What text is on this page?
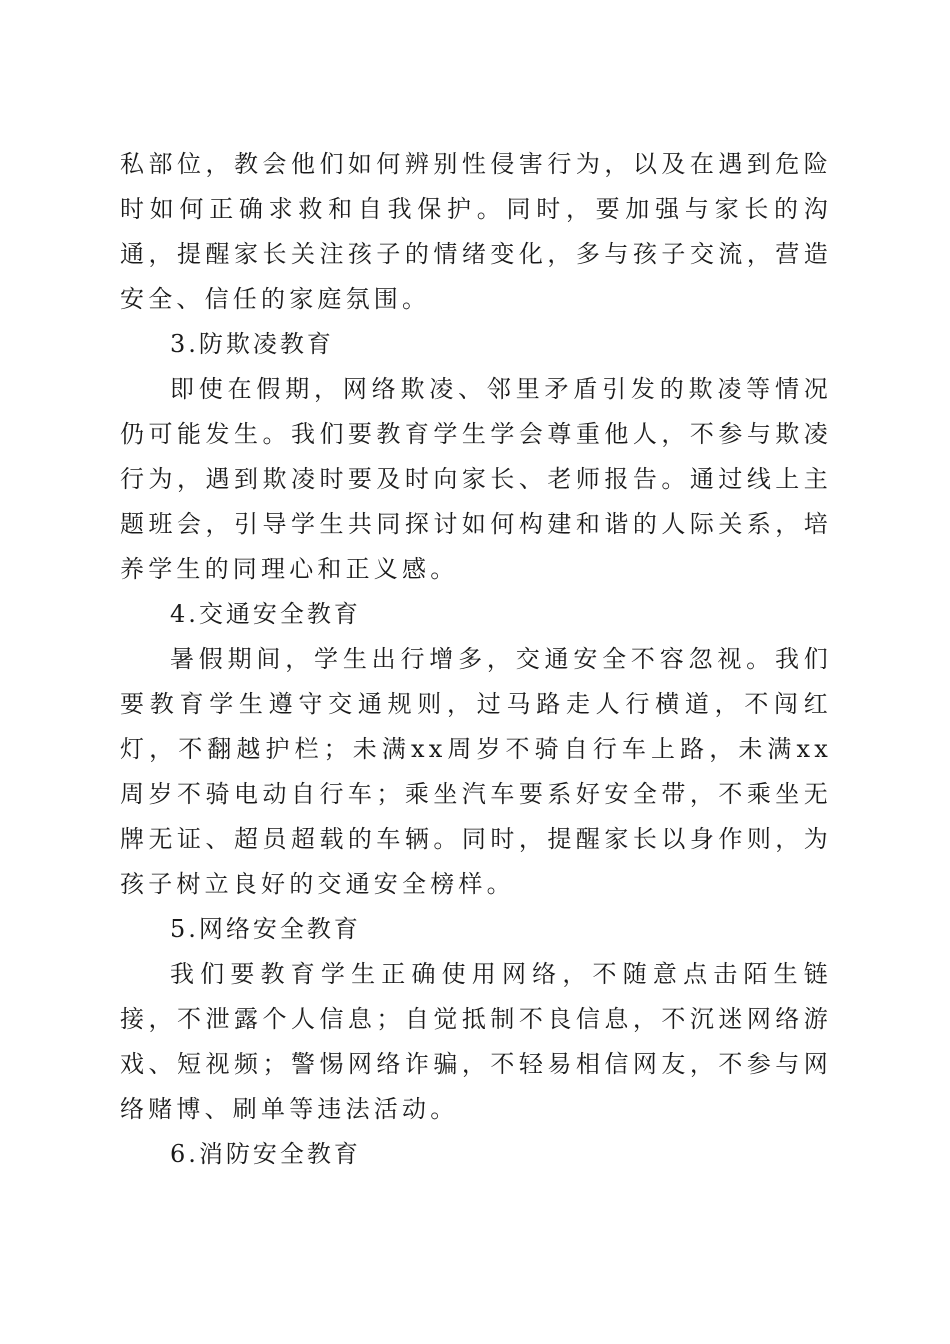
私部位，教会他们如何辨别性侵害行为，以及在遇到危险时如何正确求救和自我保护。同时，要加强与家长的沟通，提醒家长关注孩子的情绪变化，多与孩子交流，营造安全、信任的家庭氛围。

3.防欺凌教育

即使在假期，网络欺凌、邻里矛盾引发的欺凌等情况仍可能发生。我们要教育学生学会尊重他人，不参与欺凌行为，遇到欺凌时要及时向家长、老师报告。通过线上主题班会，引导学生共同探讨如何构建和谐的人际关系，培养学生的同理心和正义感。

4.交通安全教育

暑假期间，学生出行增多，交通安全不容忽视。我们要教育学生遵守交通规则，过马路走人行横道，不闯红灯，不翻越护栏；未满xx周岁不骑自行车上路，未满xx周岁不骑电动自行车；乘坐汽车要系好安全带，不乘坐无牌无证、超员超载的车辆。同时，提醒家长以身作则，为孩子树立良好的交通安全榜样。

5.网络安全教育

我们要教育学生正确使用网络，不随意点击陌生链接，不泄露个人信息；自觉抵制不良信息，不沉迷网络游戏、短视频；警惕网络诈骗，不轻易相信网友，不参与网络赌博、刷单等违法活动。

6.消防安全教育
